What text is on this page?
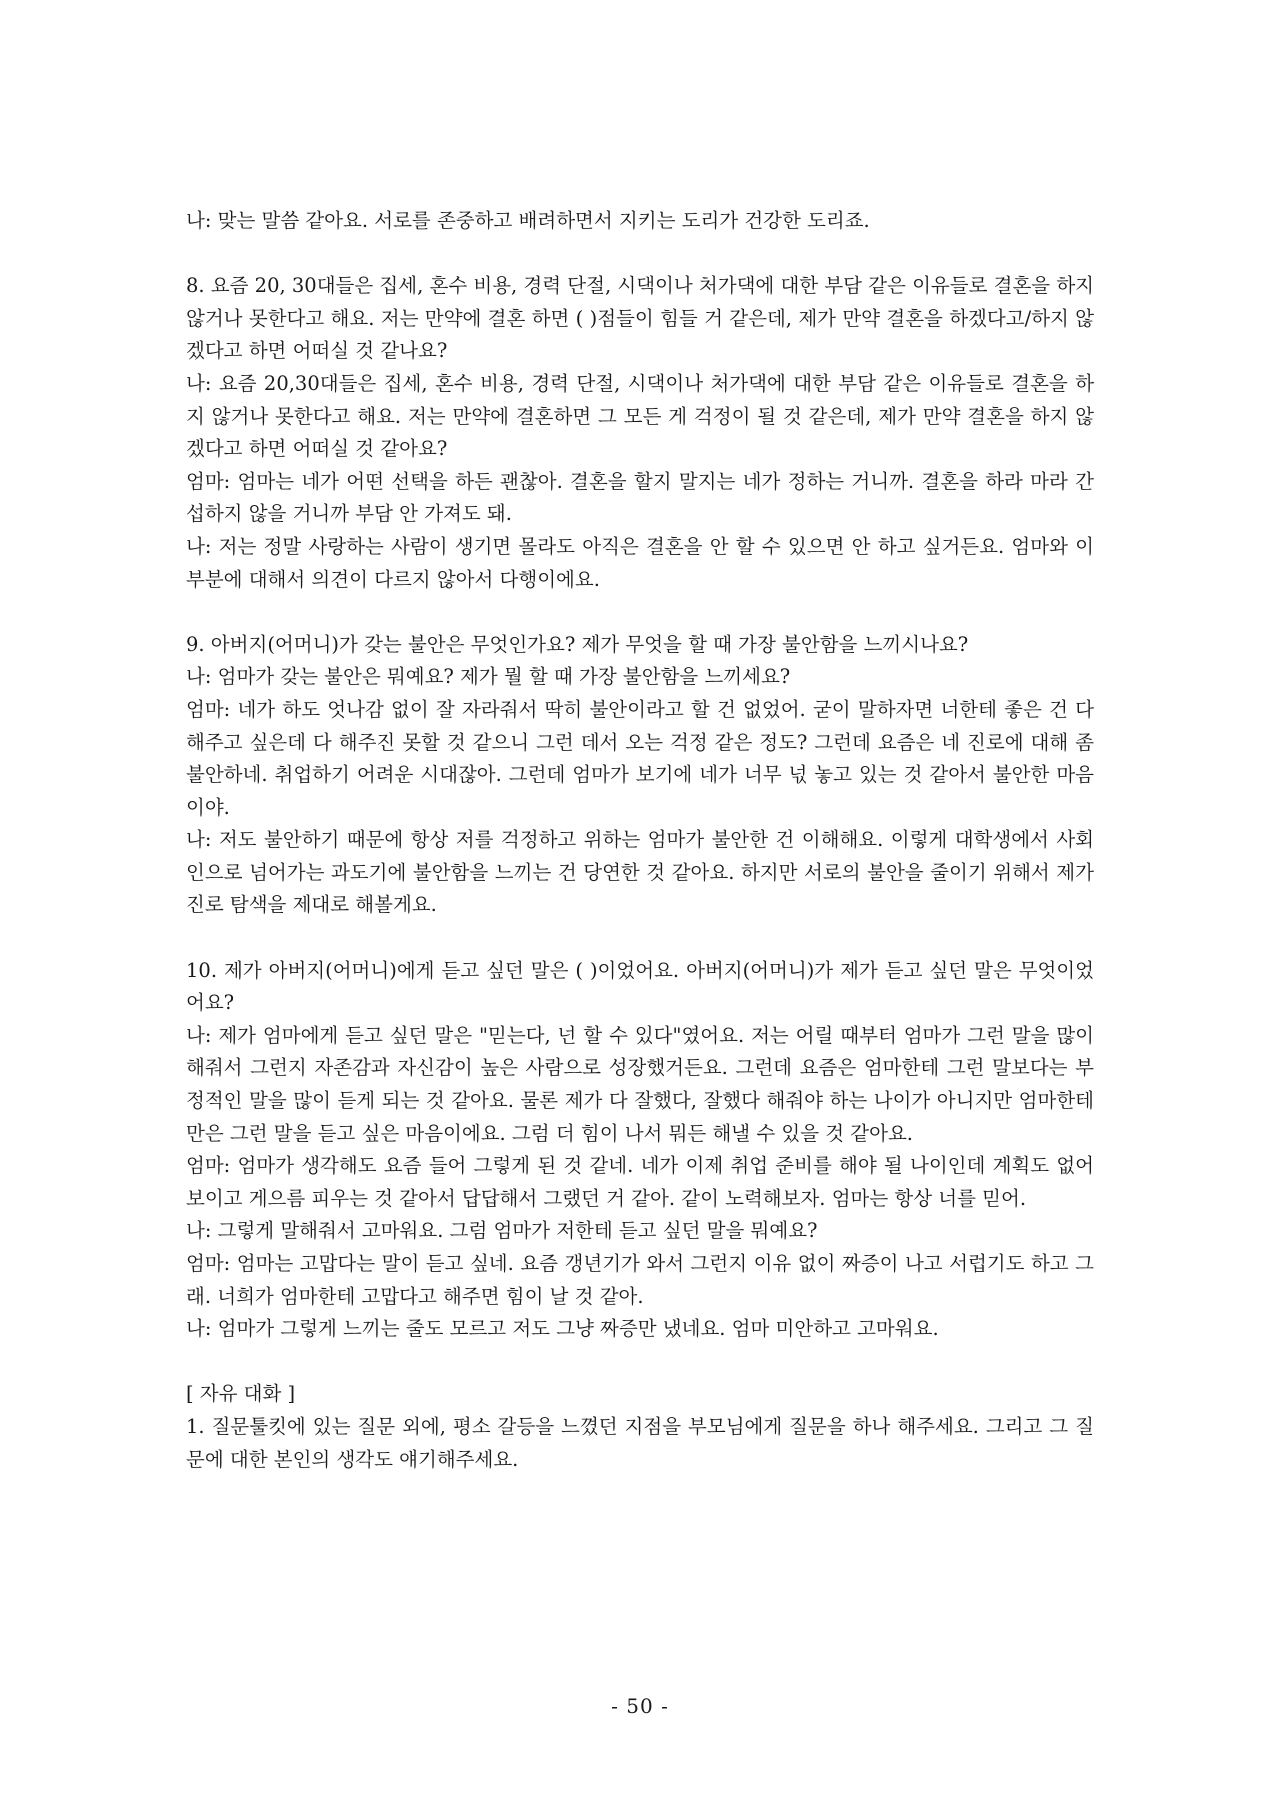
나: 맞는 말씀 같아요. 서로를 존중하고 배려하면서 지키는 도리가 건강한 도리죠.

8. 요즘 20, 30대들은 집세, 혼수 비용, 경력 단절, 시댁이나 처가댁에 대한 부담 같은 이유들로 결혼을 하지 않거나 못한다고 해요. 저는 만약에 결혼 하면 ( )점들이 힘들 거 같은데, 제가 만약 결혼을 하겠다고/하지 않겠다고 하면 어떠실 것 같나요?

나: 요즘 20,30대들은 집세, 혼수 비용, 경력 단절, 시댁이나 처가댁에 대한 부담 같은 이유들로 결혼을 하지 않거나 못한다고 해요. 저는 만약에 결혼하면 그 모든 게 걱정이 될 것 같은데, 제가 만약 결혼을 하지 않겠다고 하면 어떠실 것 같아요?

엄마: 엄마는 네가 어떤 선택을 하든 괜찮아. 결혼을 할지 말지는 네가 정하는 거니까. 결혼을 하라 마라 간섭하지 않을 거니까 부담 안 가져도 돼.

나: 저는 정말 사랑하는 사람이 생기면 몰라도 아직은 결혼을 안 할 수 있으면 안 하고 싶거든요. 엄마와 이 부분에 대해서 의견이 다르지 않아서 다행이에요.

9. 아버지(어머니)가 갖는 불안은 무엇인가요? 제가 무엇을 할 때 가장 불안함을 느끼시나요?

나: 엄마가 갖는 불안은 뭐예요? 제가 뭘 할 때 가장 불안함을 느끼세요?

엄마: 네가 하도 엇나감 없이 잘 자라줘서 딱히 불안이라고 할 건 없었어. 굳이 말하자면 너한테 좋은 건 다 해주고 싶은데 다 해주진 못할 것 같으니 그런 데서 오는 걱정 같은 정도? 그런데 요즘은 네 진로에 대해 좀 불안하네. 취업하기 어려운 시대잖아. 그런데 엄마가 보기에 네가 너무 넋 놓고 있는 것 같아서 불안한 마음이야.

나: 저도 불안하기 때문에 항상 저를 걱정하고 위하는 엄마가 불안한 건 이해해요. 이렇게 대학생에서 사회인으로 넘어가는 과도기에 불안함을 느끼는 건 당연한 것 같아요. 하지만 서로의 불안을 줄이기 위해서 제가 진로 탐색을 제대로 해볼게요.

10. 제가 아버지(어머니)에게 듣고 싶던 말은 ( )이었어요. 아버지(어머니)가 제가 듣고 싶던 말은 무엇이었어요?

나: 제가 엄마에게 듣고 싶던 말은 "믿는다, 넌 할 수 있다"였어요. 저는 어릴 때부터 엄마가 그런 말을 많이 해줘서 그런지 자존감과 자신감이 높은 사람으로 성장했거든요. 그런데 요즘은 엄마한테 그런 말보다는 부정적인 말을 많이 듣게 되는 것 같아요. 물론 제가 다 잘했다, 잘했다 해줘야 하는 나이가 아니지만 엄마한테만은 그런 말을 듣고 싶은 마음이에요. 그럼 더 힘이 나서 뭐든 해낼 수 있을 것 같아요.

엄마: 엄마가 생각해도 요즘 들어 그렇게 된 것 같네. 네가 이제 취업 준비를 해야 될 나이인데 계획도 없어 보이고 게으름 피우는 것 같아서 답답해서 그랬던 거 같아. 같이 노력해보자. 엄마는 항상 너를 믿어.

나: 그렇게 말해줘서 고마워요. 그럼 엄마가 저한테 듣고 싶던 말을 뭐예요?

엄마: 엄마는 고맙다는 말이 듣고 싶네. 요즘 갱년기가 와서 그런지 이유 없이 짜증이 나고 서럽기도 하고 그래. 너희가 엄마한테 고맙다고 해주면 힘이 날 것 같아.

나: 엄마가 그렇게 느끼는 줄도 모르고 저도 그냥 짜증만 냈네요. 엄마 미안하고 고마워요.

[ 자유 대화 ]

1. 질문툴킷에 있는 질문 외에, 평소 갈등을 느꼈던 지점을 부모님에게 질문을 하나 해주세요. 그리고 그 질문에 대한 본인의 생각도 얘기해주세요.

- 50 -
